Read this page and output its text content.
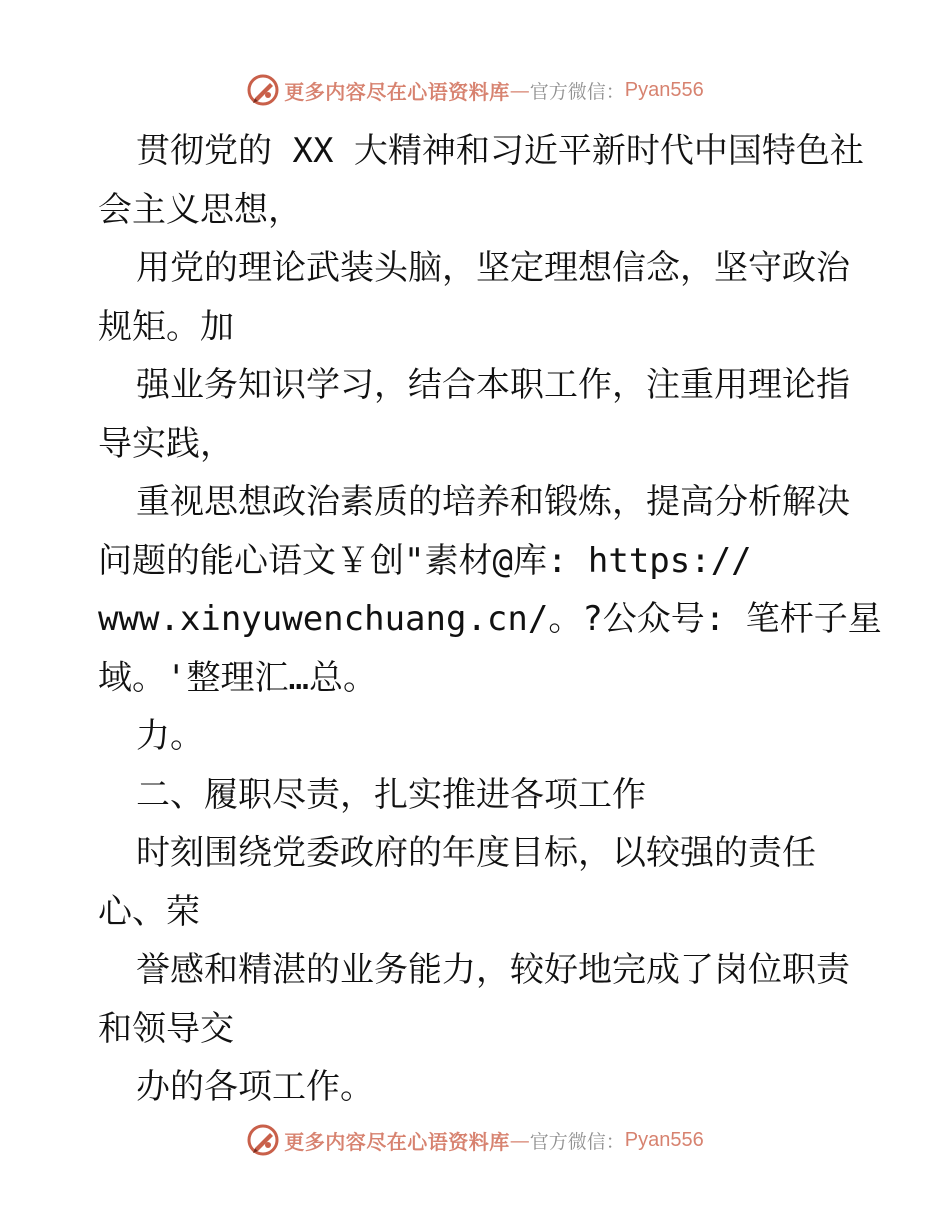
更多内容尽在心语资料库 — 官方微信： Pyan556
贯彻党的 XX 大精神和习近平新时代中国特色社
会主义思想，
用党的理论武装头脑，坚定理想信念，坚守政治
规矩。加
强业务知识学习，结合本职工作，注重用理论指
导实践，
重视思想政治素质的培养和锻炼，提高分析解决
问题的能心语文￥创"素材@库: https://
www.xinyuwenchuang.cn/。?公众号: 笔杆子星
域。'整理汇…总。
力。
二、履职尽责，扎实推进各项工作
时刻围绕党委政府的年度目标，以较强的责任
心、荣
誉感和精湛的业务能力，较好地完成了岗位职责
和领导交
办的各项工作。
更多内容尽在心语资料库 — 官方微信： Pyan556
